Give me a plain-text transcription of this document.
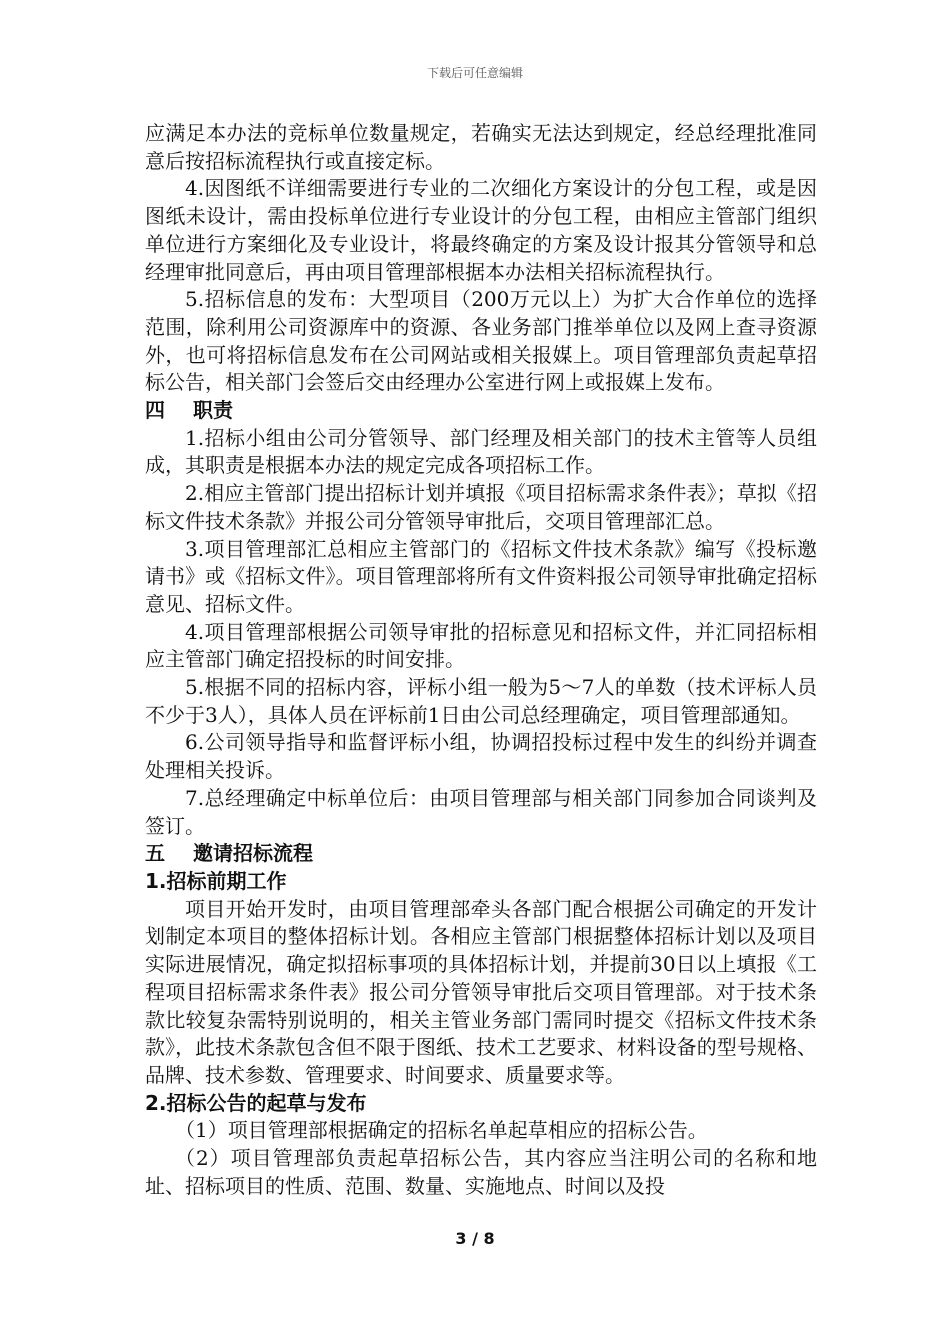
下载后可任意编辑

应满足本办法的竞标单位数量规定，若确实无法达到规定，经总经理批准同意后按招标流程执行或直接定标。

4.因图纸不详细需要进行专业的二次细化方案设计的分包工程，或是因图纸未设计，需由投标单位进行专业设计的分包工程，由相应主管部门组织单位进行方案细化及专业设计，将最终确定的方案及设计报其分管领导和总经理审批同意后，再由项目管理部根据本办法相关招标流程执行。

5.招标信息的发布：大型项目（200万元以上）为扩大合作单位的选择范围，除利用公司资源库中的资源、各业务部门推举单位以及网上查寻资源外，也可将招标信息发布在公司网站或相关报媒上。项目管理部负责起草招标公告，相关部门会签后交由经理办公室进行网上或报媒上发布。

四 职责

1.招标小组由公司分管领导、部门经理及相关部门的技术主管等人员组成，其职责是根据本办法的规定完成各项招标工作。

2.相应主管部门提出招标计划并填报《项目招标需求条件表》；草拟《招标文件技术条款》并报公司分管领导审批后，交项目管理部汇总。

3.项目管理部汇总相应主管部门的《招标文件技术条款》编写《投标邀请书》或《招标文件》。项目管理部将所有文件资料报公司领导审批确定招标意见、招标文件。

4.项目管理部根据公司领导审批的招标意见和招标文件，并汇同招标相应主管部门确定招投标的时间安排。

5.根据不同的招标内容，评标小组一般为5～7人的单数（技术评标人员不少于3人），具体人员在评标前1日由公司总经理确定，项目管理部通知。

6.公司领导指导和监督评标小组，协调招投标过程中发生的纠纷并调查处理相关投诉。

7.总经理确定中标单位后：由项目管理部与相关部门同参加合同谈判及签订。

五 邀请招标流程

1.招标前期工作

项目开始开发时，由项目管理部牵头各部门配合根据公司确定的开发计划制定本项目的整体招标计划。各相应主管部门根据整体招标计划以及项目实际进展情况，确定拟招标事项的具体招标计划，并提前30日以上填报《工程项目招标需求条件表》报公司分管领导审批后交项目管理部。对于技术条款比较复杂需特别说明的，相关主管业务部门需同时提交《招标文件技术条款》，此技术条款包含但不限于图纸、技术工艺要求、材料设备的型号规格、品牌、技术参数、管理要求、时间要求、质量要求等。

2.招标公告的起草与发布

（1）项目管理部根据确定的招标名单起草相应的招标公告。

（2）项目管理部负责起草招标公告，其内容应当注明公司的名称和地址、招标项目的性质、范围、数量、实施地点、时间以及投

3 / 8
